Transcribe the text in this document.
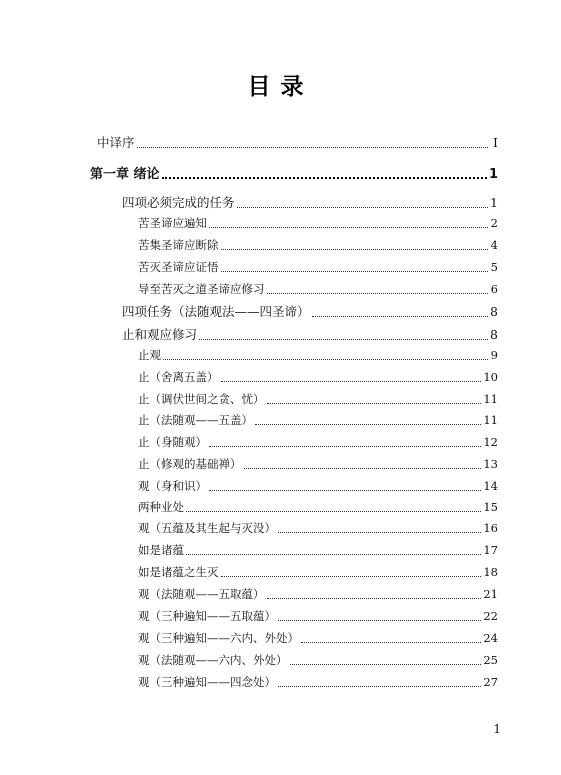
目录
中译序	I
第一章 绪论	1
四项必须完成的任务	1
苦圣谛应遍知	2
苦集圣谛应断除	4
苦灭圣谛应证悟	5
导至苦灭之道圣谛应修习	6
四项任务（法随观法——四圣谛）	8
止和观应修习	8
止观	9
止（舍离五盖）	10
止（调伏世间之贪、忧）	11
止（法随观——五盖）	11
止（身随观）	12
止（修观的基础禅）	13
观（身和识）	14
两种业处	15
观（五蕴及其生起与灭没）	16
如是诸蕴	17
如是诸蕴之生灭	18
观（法随观——五取蕴）	21
观（三种遍知——五取蕴）	22
观（三种遍知——六内、外处）	24
观（法随观——六内、外处）	25
观（三种遍知——四念处）	27
1
